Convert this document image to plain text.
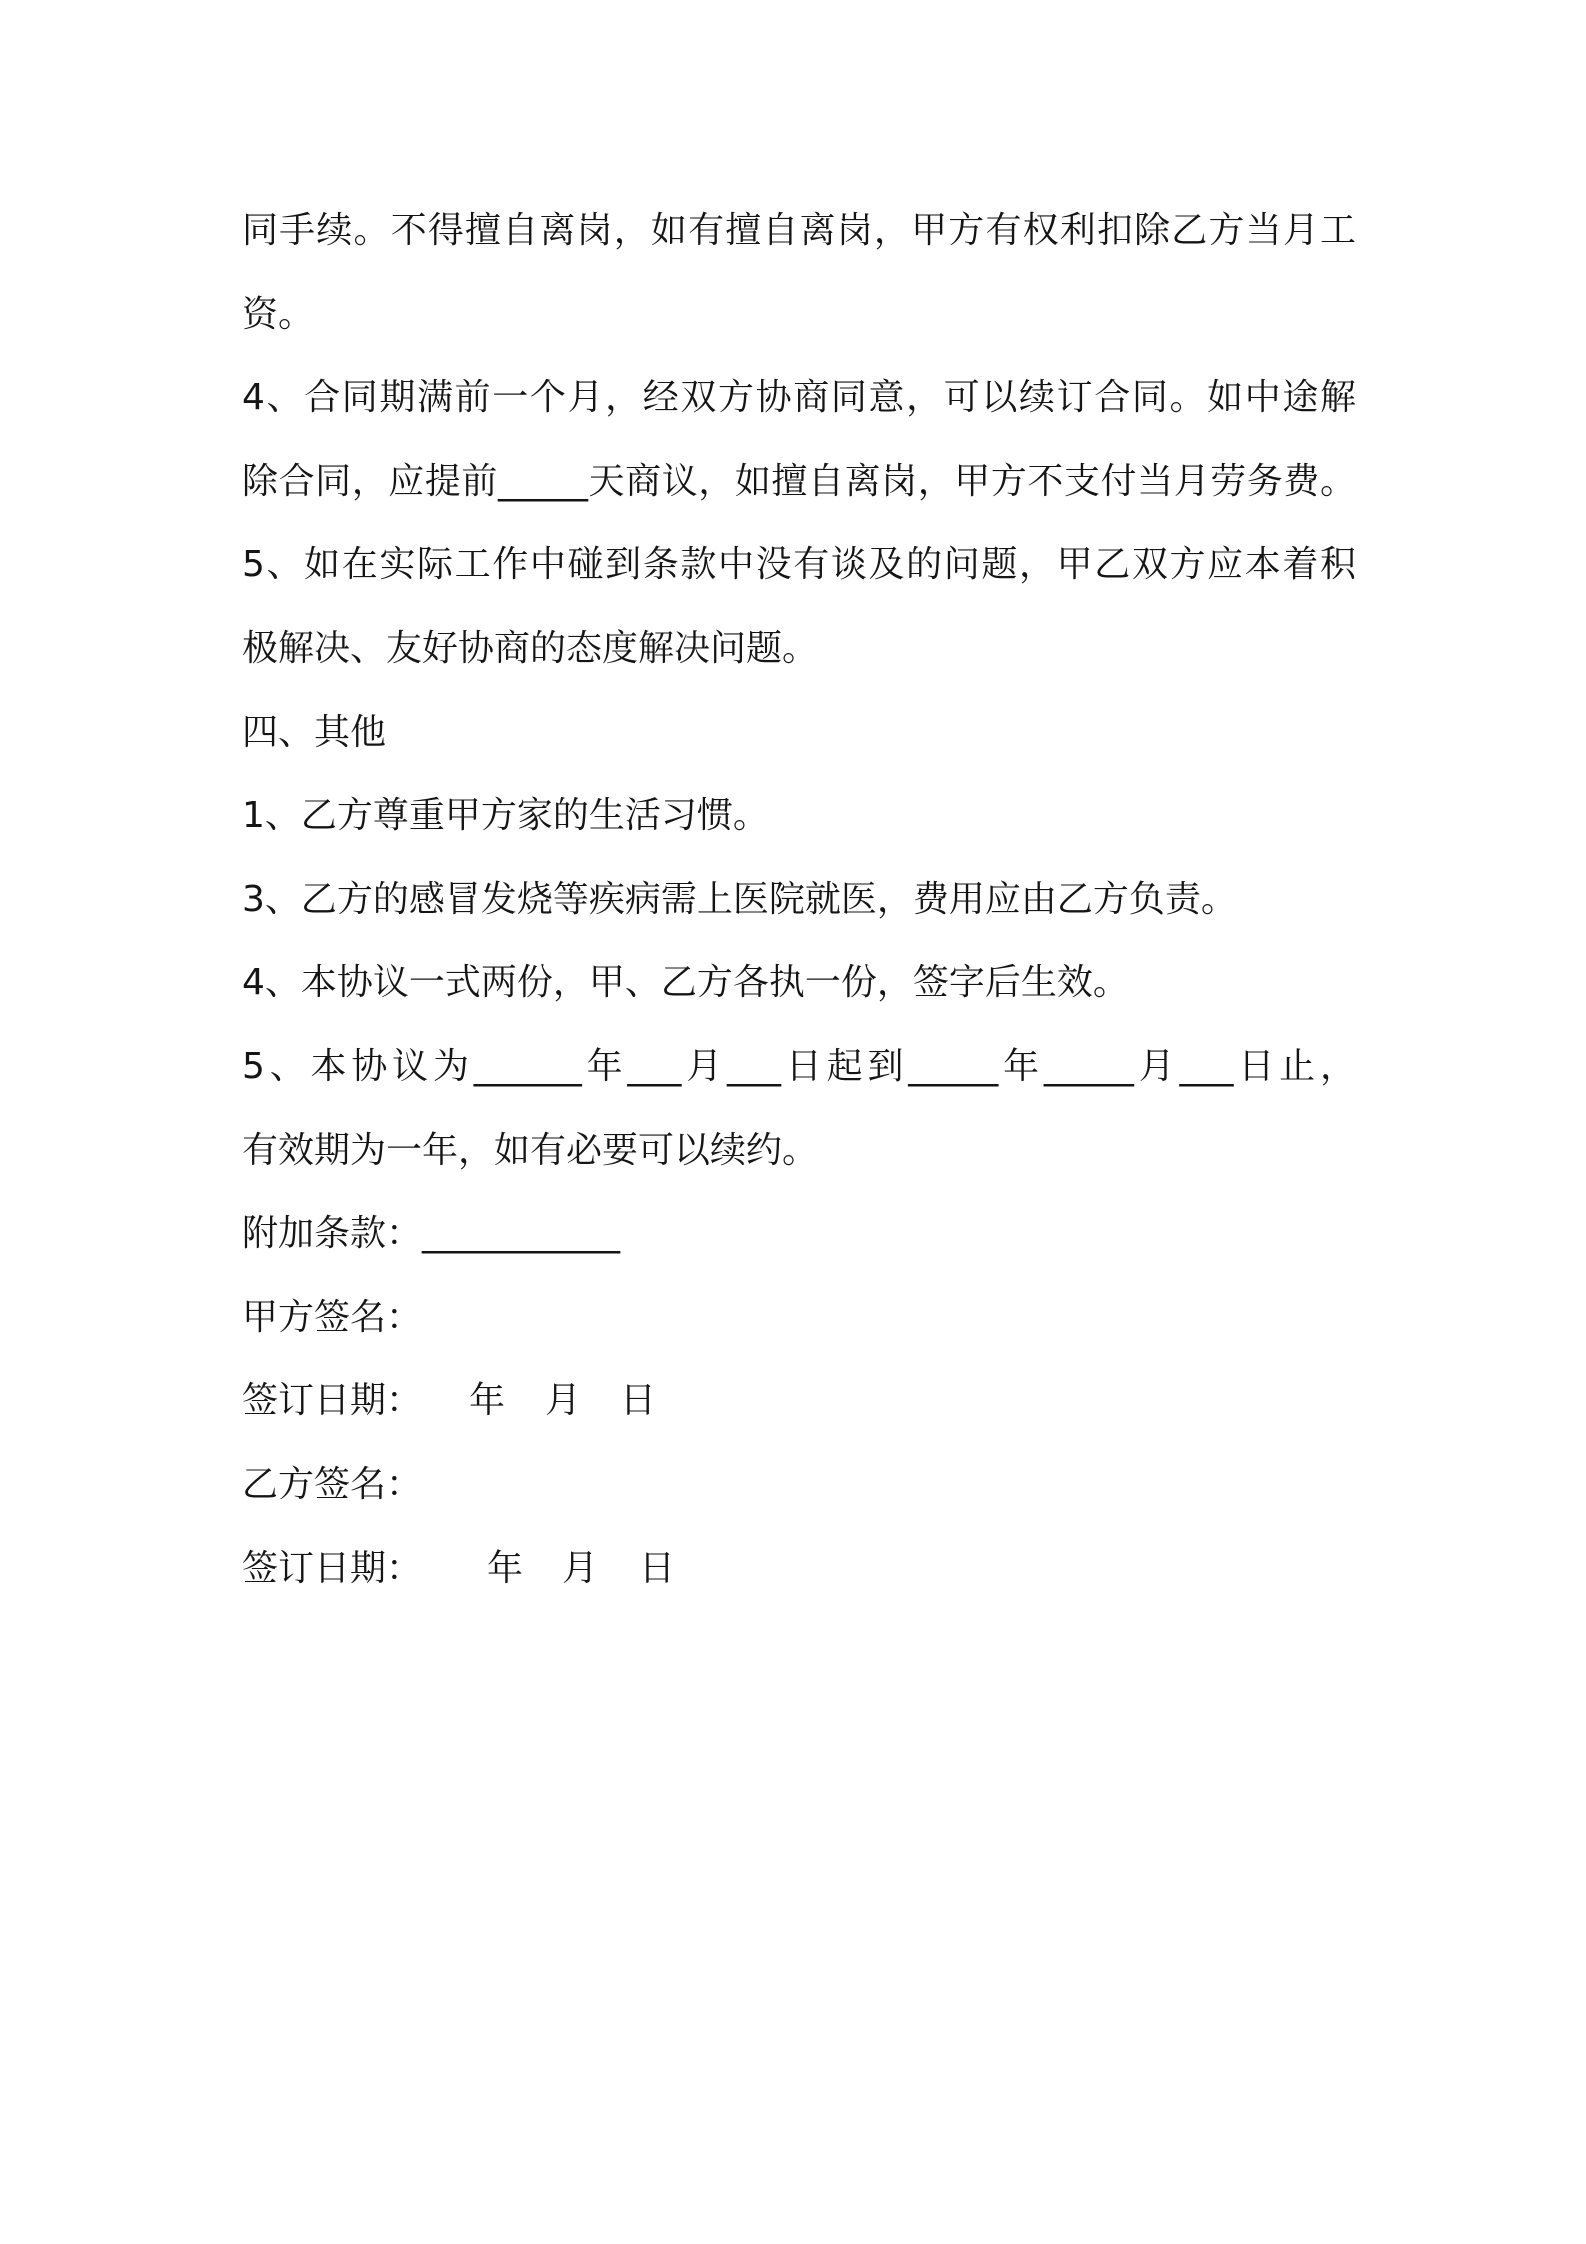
同手续。不得擅自离岗，如有擅自离岗，甲方有权利扣除乙方当月工
资。
4、合同期满前一个月，经双方协商同意，可以续订合同。如中途解
除合同，应提前_____天商议，如擅自离岗，甲方不支付当月劳务费。
5、如在实际工作中碰到条款中没有谈及的问题，甲乙双方应本着积
极解决、友好协商的态度解决问题。
四、其他
1、乙方尊重甲方家的生活习惯。
3、乙方的感冒发烧等疾病需上医院就医，费用应由乙方负责。
4、本协议一式两份，甲、乙方各执一份，签字后生效。
5、本协议为______年___月___日起到_____年_____月___日止，
有效期为一年，如有必要可以续约。
附加条款：___________
甲方签名：
签订日期： 年 月 日
乙方签名：
签订日期： 年 月 日
